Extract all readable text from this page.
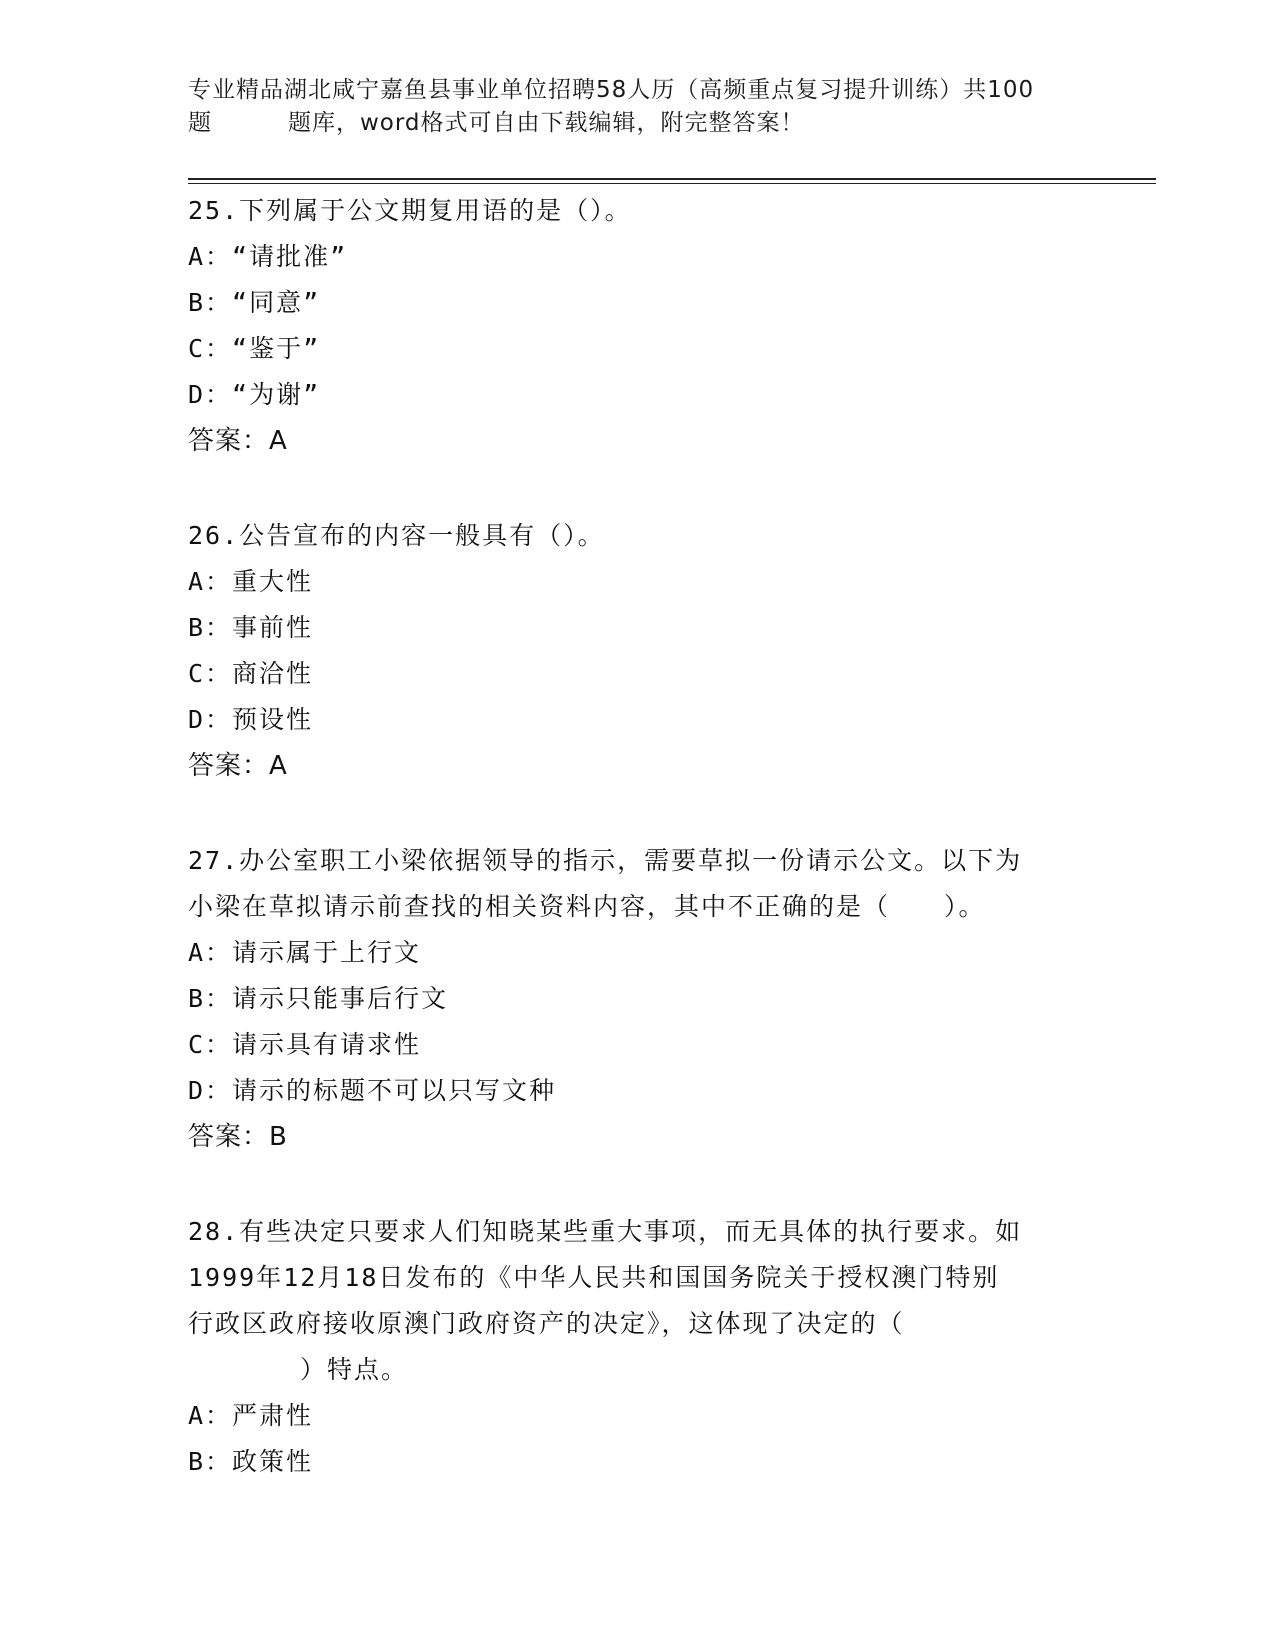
专业精品湖北咸宁嘉鱼县事业单位招聘58人历（高频重点复习提升训练）共100
题	题库，word格式可自由下载编辑，附完整答案！
25.下列属于公文期复用语的是（）。
A：“请批准”
B：“同意”
C：“鉴于”
D：“为谢”
答案：A
26.公告宣布的内容一般具有（）。
A：重大性
B：事前性
C：商洽性
D：预设性
答案：A
27.办公室职工小梁依据领导的指示，需要草拟一份请示公文。以下为
小梁在草拟请示前查找的相关资料内容，其中不正确的是（　　）。
A：请示属于上行文
B：请示只能事后行文
C：请示具有请求性
D：请示的标题不可以只写文种
答案：B
28.有些决定只要求人们知晓某些重大事项，而无具体的执行要求。如
1999年12月18日发布的《中华人民共和国国务院关于授权澳门特别
行政区政府接收原澳门政府资产的决定》，这体现了决定的（
）特点。
A：严肃性
B：政策性
